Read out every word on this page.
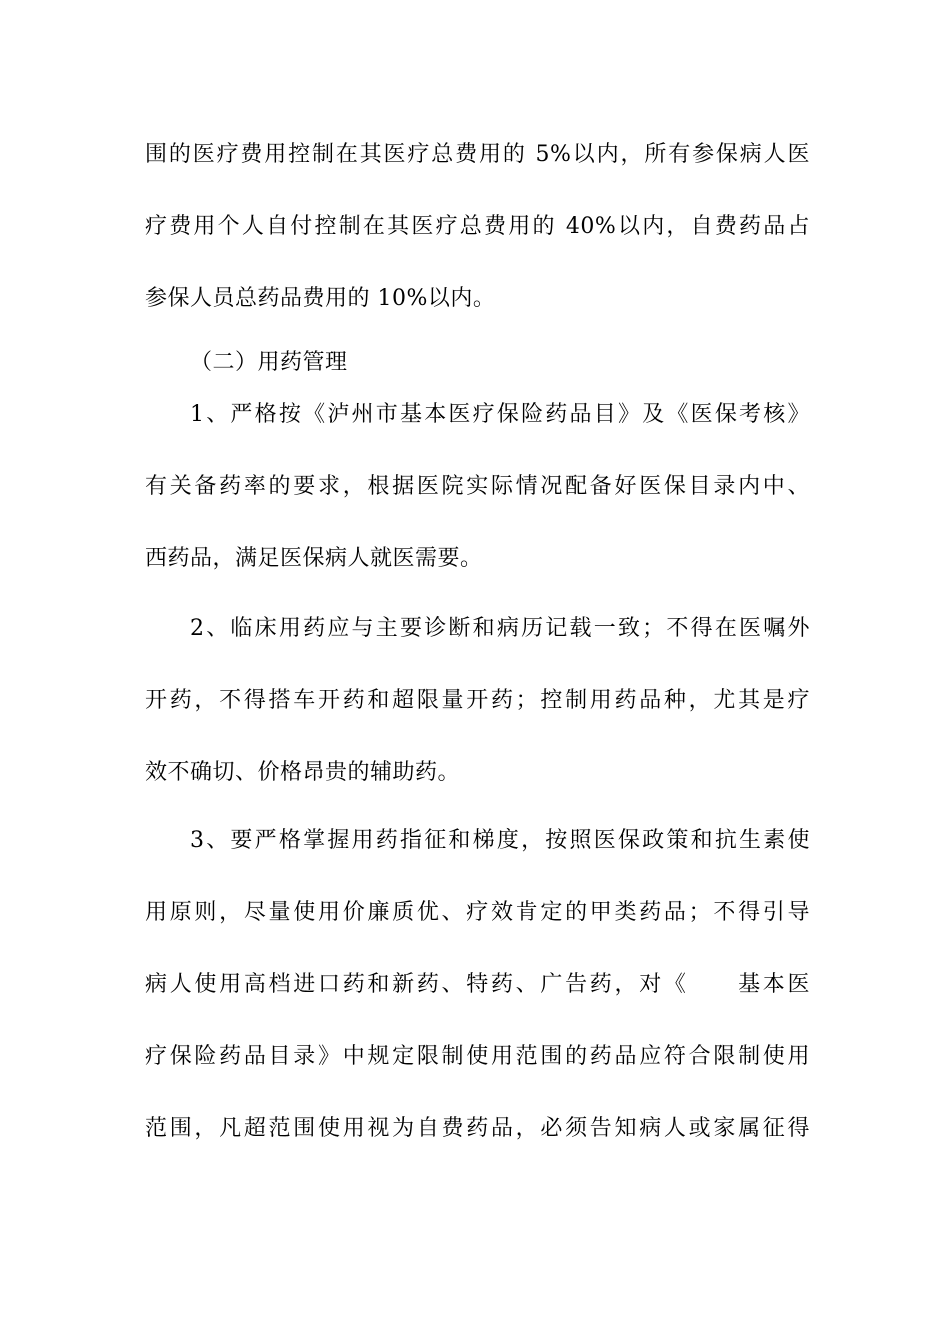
围的医疗费用控制在其医疗总费用的 5%以内，所有参保病人医
疗费用个人自付控制在其医疗总费用的 40%以内，自费药品占
参保人员总药品费用的 10%以内。
（二）用药管理
1、严格按《泸州市基本医疗保险药品目》及《医保考核》
有关备药率的要求，根据医院实际情况配备好医保目录内中、
西药品，满足医保病人就医需要。
2、临床用药应与主要诊断和病历记载一致；不得在医嘱外
开药，不得搭车开药和超限量开药；控制用药品种，尤其是疗
效不确切、价格昂贵的辅助药。
3、要严格掌握用药指征和梯度，按照医保政策和抗生素使
用原则，尽量使用价廉质优、疗效肯定的甲类药品；不得引导
病人使用高档进口药和新药、特药、广告药，对《　　基本医
疗保险药品目录》中规定限制使用范围的药品应符合限制使用
范围，凡超范围使用视为自费药品，必须告知病人或家属征得
